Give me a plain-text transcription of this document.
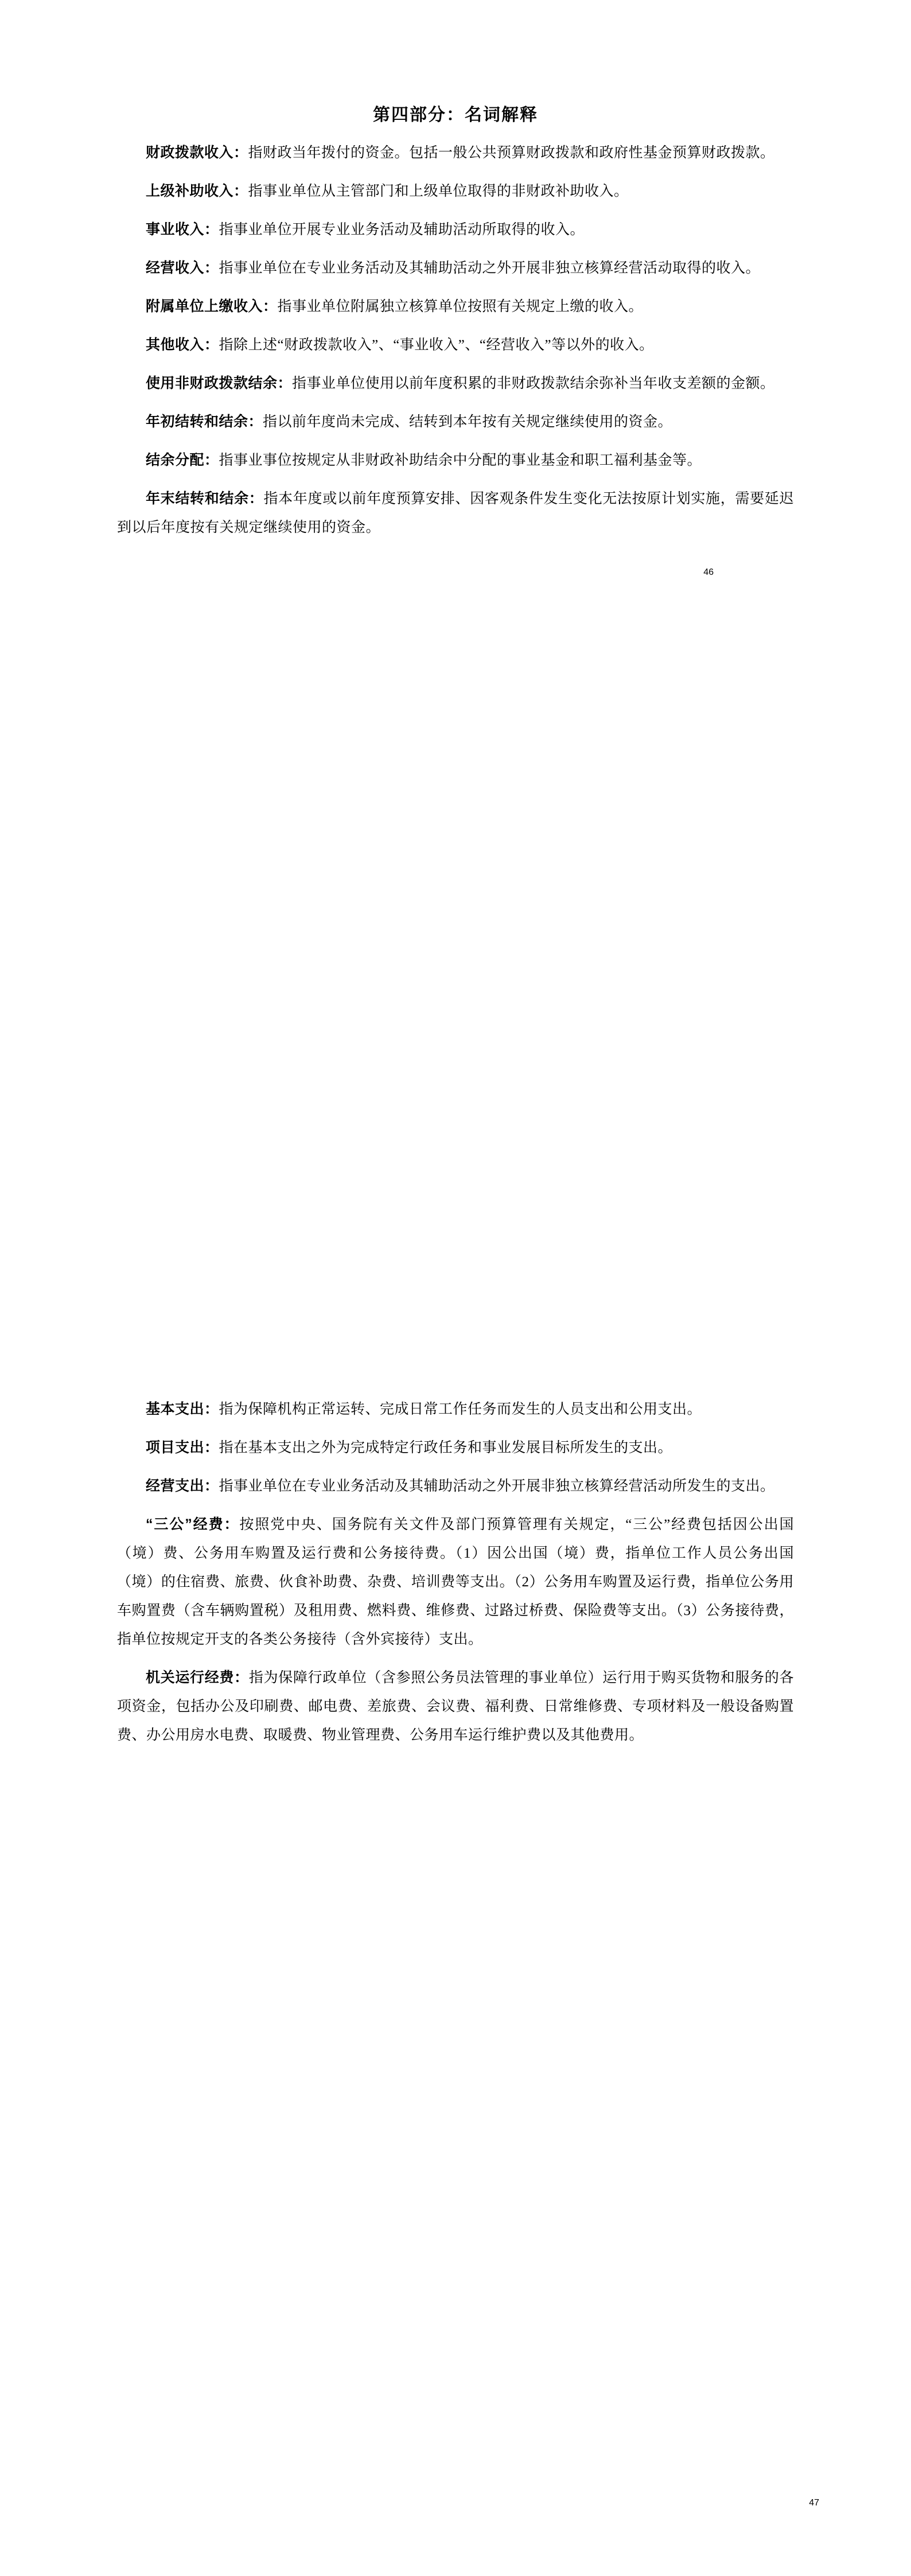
第四部分：名词解释

财政拨款收入：指财政当年拨付的资金。包括一般公共预算财政拨款和政府性基金预算财政拨款。

上级补助收入：指事业单位从主管部门和上级单位取得的非财政补助收入。

事业收入：指事业单位开展专业业务活动及辅助活动所取得的收入。

经营收入：指事业单位在专业业务活动及其辅助活动之外开展非独立核算经营活动取得的收入。

附属单位上缴收入：指事业单位附属独立核算单位按照有关规定上缴的收入。

其他收入：指除上述“财政拨款收入”、“事业收入”、“经营收入”等以外的收入。

使用非财政拨款结余：指事业单位使用以前年度积累的非财政拨款结余弥补当年收支差额的金额。

年初结转和结余：指以前年度尚未完成、结转到本年按有关规定继续使用的资金。

结余分配：指事业事位按规定从非财政补助结余中分配的事业基金和职工福利基金等。

年末结转和结余：指本年度或以前年度预算安排、因客观条件发生变化无法按原计划实施，需要延迟到以后年度按有关规定继续使用的资金。

46

基本支出：指为保障机构正常运转、完成日常工作任务而发生的人员支出和公用支出。

项目支出：指在基本支出之外为完成特定行政任务和事业发展目标所发生的支出。

经营支出：指事业单位在专业业务活动及其辅助活动之外开展非独立核算经营活动所发生的支出。

“三公”经费：按照党中央、国务院有关文件及部门预算管理有关规定，“三公”经费包括因公出国（境）费、公务用车购置及运行费和公务接待费。（1）因公出国（境）费，指单位工作人员公务出国（境）的住宿费、旅费、伙食补助费、杂费、培训费等支出。（2）公务用车购置及运行费，指单位公务用车购置费（含车辆购置税）及租用费、燃料费、维修费、过路过桥费、保险费等支出。（3）公务接待费，指单位按规定开支的各类公务接待（含外宾接待）支出。

机关运行经费：指为保障行政单位（含参照公务员法管理的事业单位）运行用于购买货物和服务的各项资金，包括办公及印刷费、邮电费、差旅费、会议费、福利费、日常维修费、专项材料及一般设备购置费、办公用房水电费、取暖费、物业管理费、公务用车运行维护费以及其他费用。

47
